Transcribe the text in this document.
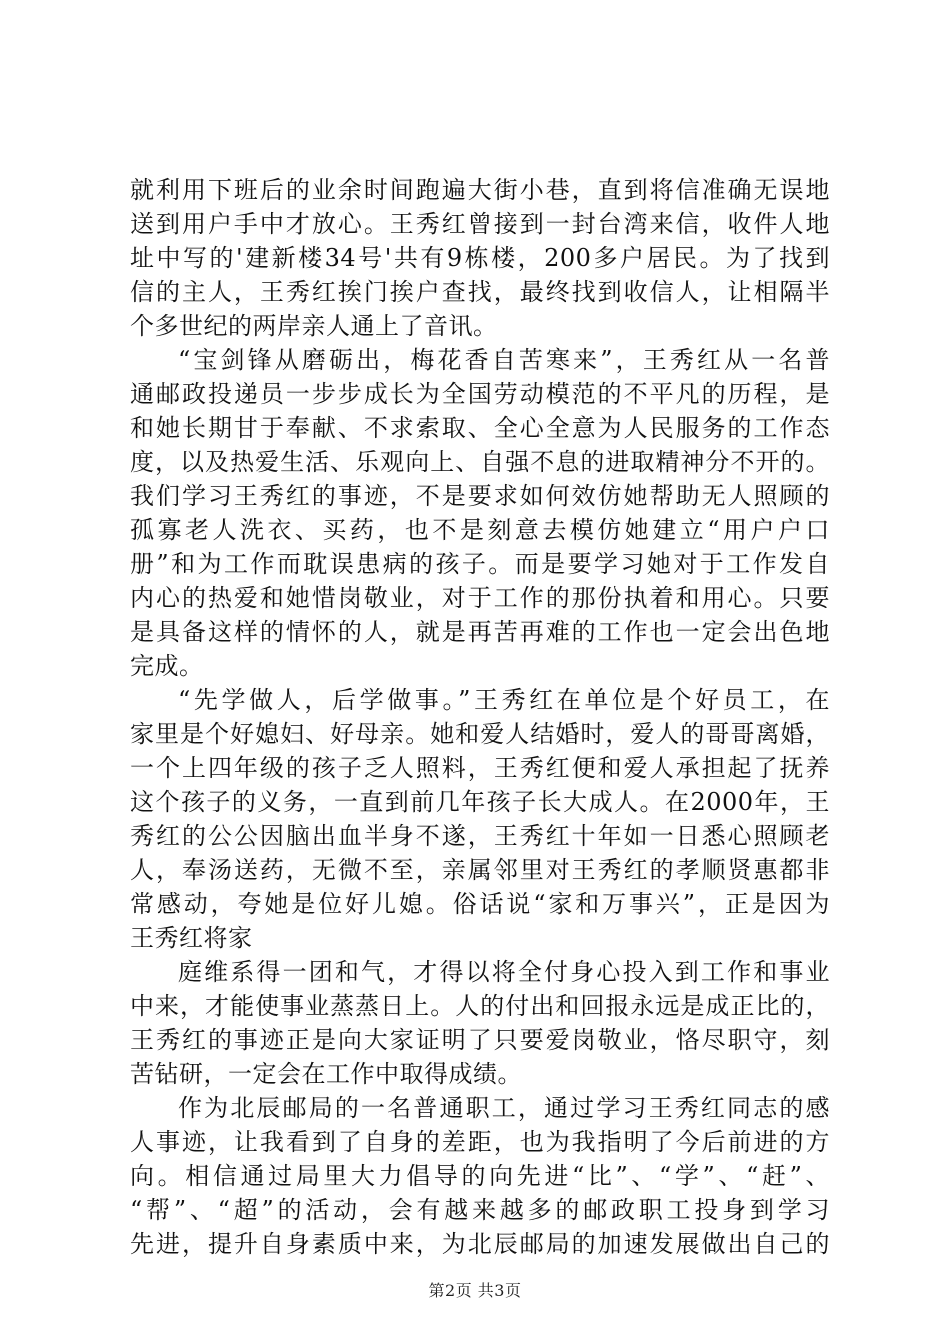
就利用下班后的业余时间跑遍大街小巷，直到将信准确无误地
送到用户手中才放心。王秀红曾接到一封台湾来信，收件人地
址中写的'建新楼34号'共有9栋楼，200多户居民。为了找到
信的主人，王秀红挨门挨户查找，最终找到收信人，让相隔半
个多世纪的两岸亲人通上了音讯。
“宝剑锋从磨砺出，梅花香自苦寒来”，王秀红从一名普
通邮政投递员一步步成长为全国劳动模范的不平凡的历程，是
和她长期甘于奉献、不求索取、全心全意为人民服务的工作态
度，以及热爱生活、乐观向上、自强不息的进取精神分不开的。
我们学习王秀红的事迹，不是要求如何效仿她帮助无人照顾的
孤寡老人洗衣、买药，也不是刻意去模仿她建立“用户户口
册”和为工作而耽误患病的孩子。而是要学习她对于工作发自
内心的热爱和她惜岗敬业，对于工作的那份执着和用心。只要
是具备这样的情怀的人，就是再苦再难的工作也一定会出色地
完成。
“先学做人，后学做事。”王秀红在单位是个好员工，在
家里是个好媳妇、好母亲。她和爱人结婚时，爱人的哥哥离婚，
一个上四年级的孩子乏人照料，王秀红便和爱人承担起了抚养
这个孩子的义务，一直到前几年孩子长大成人。在2000年，王
秀红的公公因脑出血半身不遂，王秀红十年如一日悉心照顾老
人，奉汤送药，无微不至，亲属邻里对王秀红的孝顺贤惠都非
常感动，夸她是位好儿媳。俗话说“家和万事兴”，正是因为
王秀红将家
庭维系得一团和气，才得以将全付身心投入到工作和事业
中来，才能使事业蒸蒸日上。人的付出和回报永远是成正比的，
王秀红的事迹正是向大家证明了只要爱岗敬业，恪尽职守，刻
苦钻研，一定会在工作中取得成绩。
作为北辰邮局的一名普通职工，通过学习王秀红同志的感
人事迹，让我看到了自身的差距，也为我指明了今后前进的方
向。相信通过局里大力倡导的向先进“比”、“学”、“赶”、
“帮”、“超”的活动，会有越来越多的邮政职工投身到学习
先进，提升自身素质中来，为北辰邮局的加速发展做出自己的
第2页 共3页
